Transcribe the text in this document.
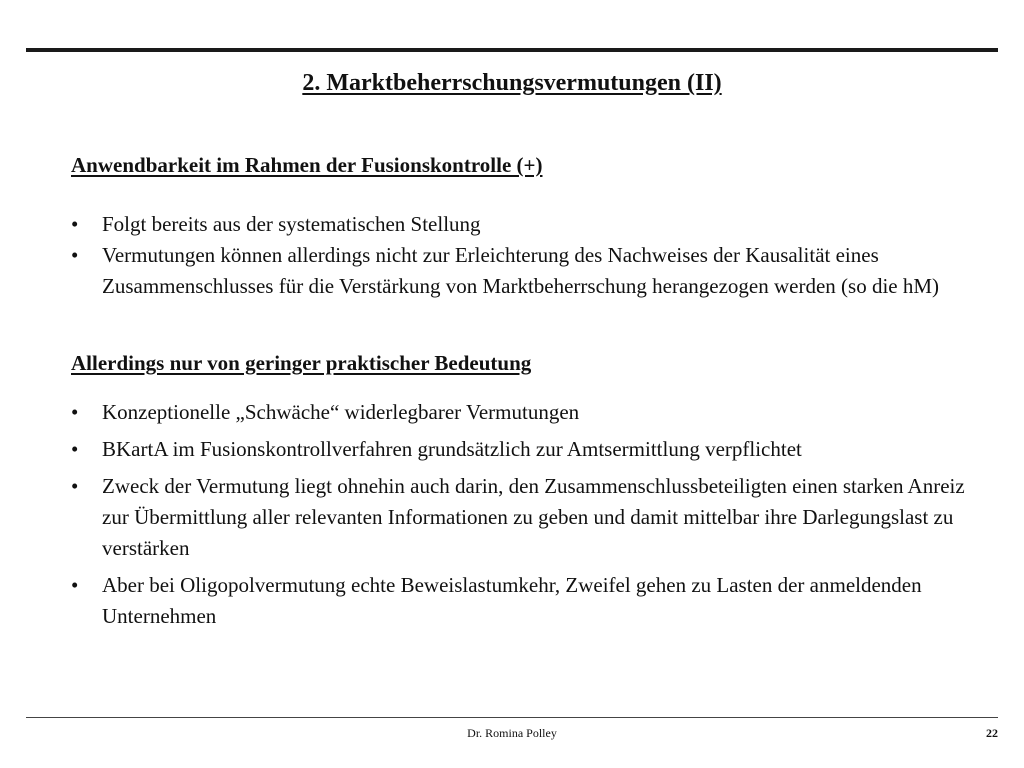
2. Marktbeherrschungsvermutungen (II)
Anwendbarkeit im Rahmen der Fusionskontrolle (+)
•	Folgt bereits aus der systematischen Stellung
•	Vermutungen können allerdings nicht zur Erleichterung des Nachweises der Kausalität eines Zusammenschlusses für die Verstärkung von Marktbeherrschung herangezogen werden (so die hM)
Allerdings nur von geringer praktischer Bedeutung
•	Konzeptionelle „Schwäche“ widerlegbarer Vermutungen
•	BKartA im Fusionskontrollverfahren grundsätzlich zur Amtsermittlung verpflichtet
•	Zweck der Vermutung liegt ohnehin auch darin, den Zusammenschlussbeteiligten einen starken Anreiz zur Übermittlung aller relevanten Informationen zu geben und damit mittelbar ihre Darlegungslast zu verstärken
•	Aber bei Oligopolvermutung echte Beweislastumkehr, Zweifel gehen zu Lasten der anmeldenden Unternehmen
Dr. Romina Polley	22
